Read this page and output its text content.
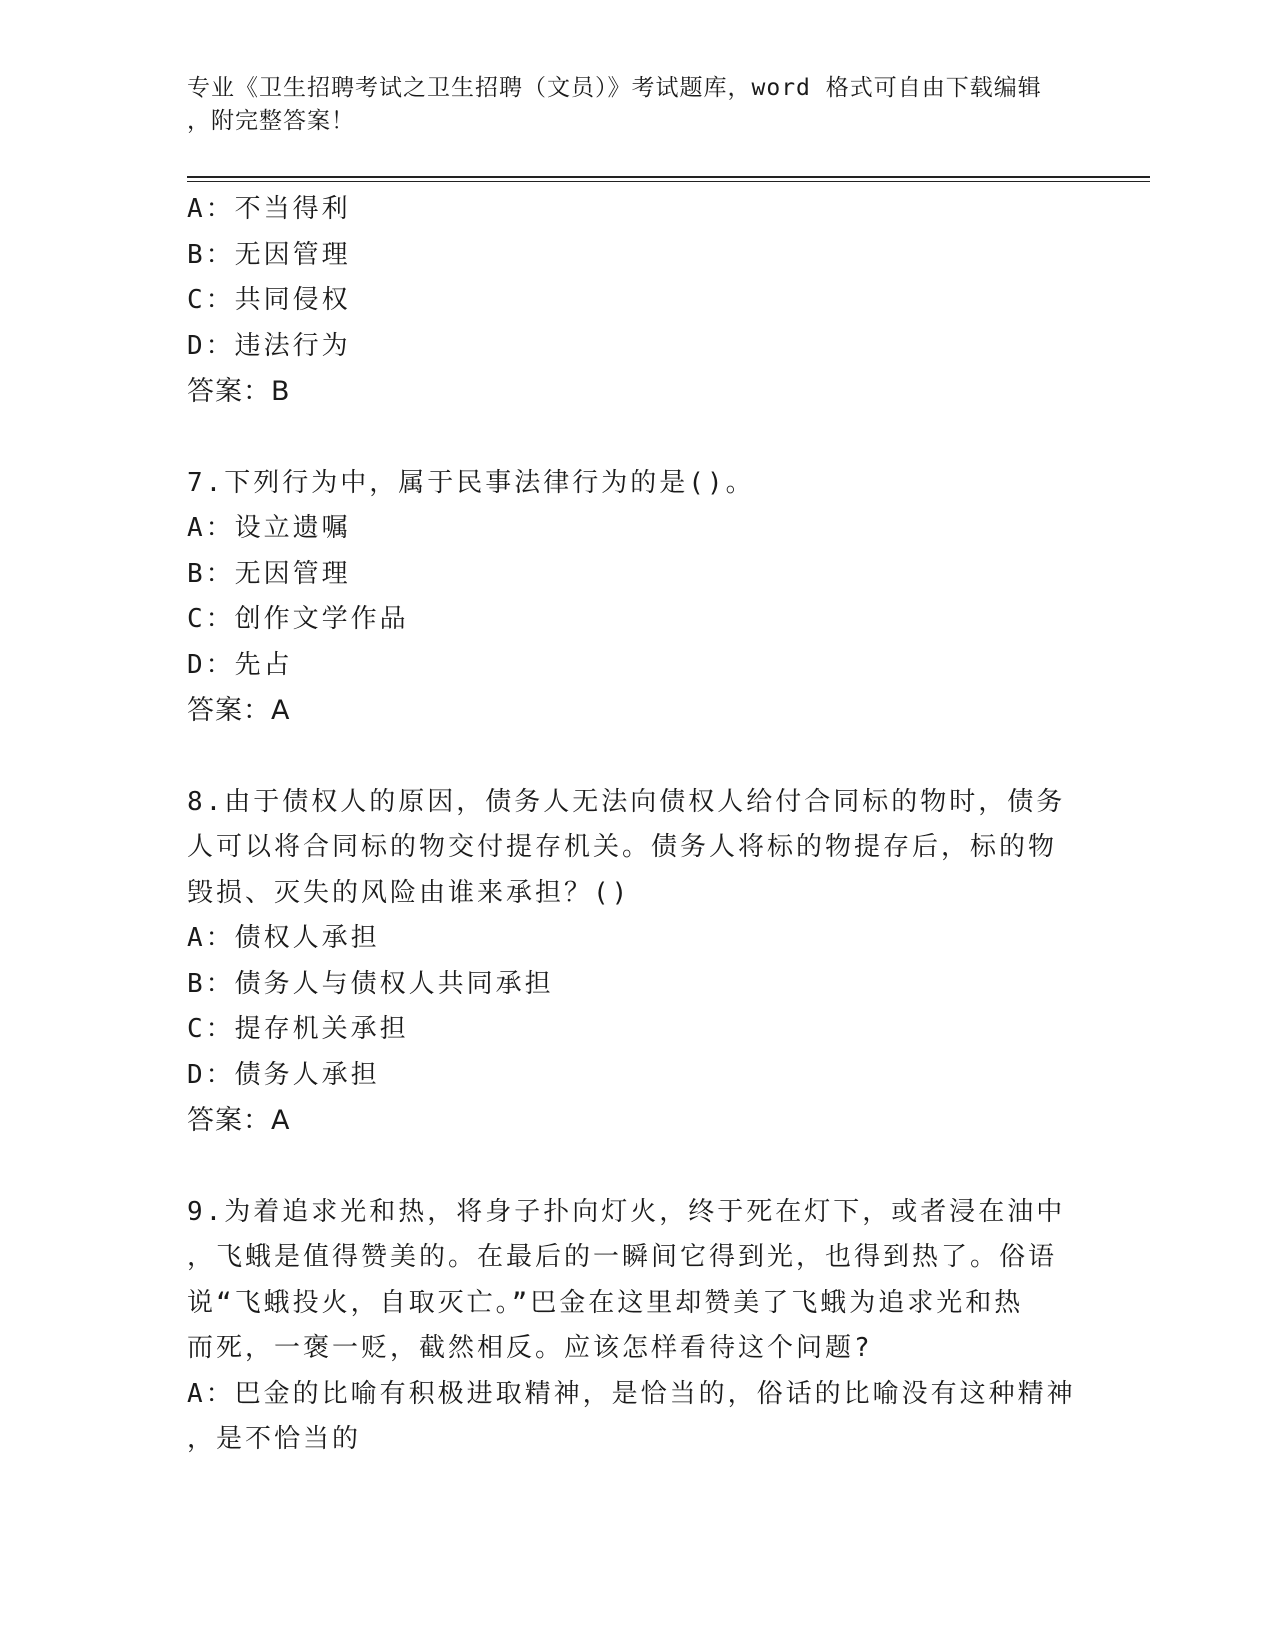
专业《卫生招聘考试之卫生招聘（文员）》考试题库，word 格式可自由下载编辑
，附完整答案！
A：不当得利
B：无因管理
C：共同侵权
D：违法行为
答案：B
7.下列行为中，属于民事法律行为的是()。
A：设立遗嘱
B：无因管理
C：创作文学作品
D：先占
答案：A
8.由于债权人的原因，债务人无法向债权人给付合同标的物时，债务
人可以将合同标的物交付提存机关。债务人将标的物提存后，标的物
毁损、灭失的风险由谁来承担？()
A：债权人承担
B：债务人与债权人共同承担
C：提存机关承担
D：债务人承担
答案：A
9.为着追求光和热，将身子扑向灯火，终于死在灯下，或者浸在油中
，飞蛾是值得赞美的。在最后的一瞬间它得到光，也得到热了。俗语
说“飞蛾投火，自取灭亡。”巴金在这里却赞美了飞蛾为追求光和热
而死，一褒一贬，截然相反。应该怎样看待这个问题?
A：巴金的比喻有积极进取精神，是恰当的，俗话的比喻没有这种精神
，是不恰当的
